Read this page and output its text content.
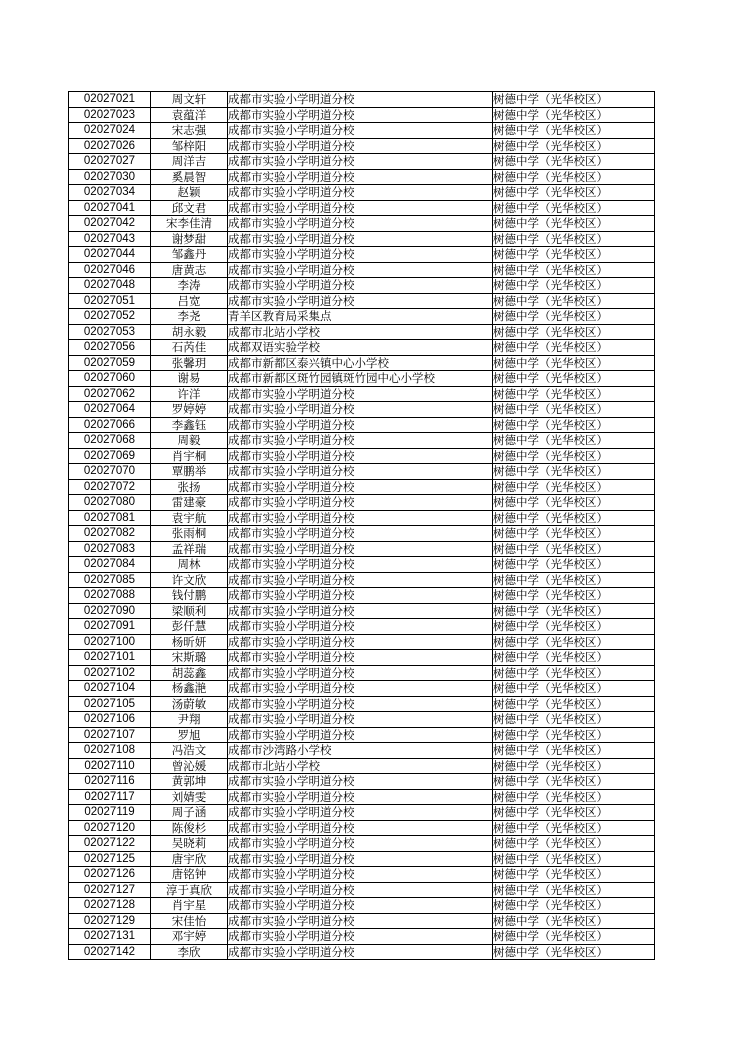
02027021	周文轩	成都市实验小学明道分校	树德中学（光华校区）
02027023	袁蕴洋	成都市实验小学明道分校	树德中学（光华校区）
02027024	宋志强	成都市实验小学明道分校	树德中学（光华校区）
02027026	邹梓阳	成都市实验小学明道分校	树德中学（光华校区）
02027027	周洋吉	成都市实验小学明道分校	树德中学（光华校区）
02027030	奚晨智	成都市实验小学明道分校	树德中学（光华校区）
02027034	赵颖	成都市实验小学明道分校	树德中学（光华校区）
02027041	邱文君	成都市实验小学明道分校	树德中学（光华校区）
02027042	宋李佳清	成都市实验小学明道分校	树德中学（光华校区）
02027043	谢梦甜	成都市实验小学明道分校	树德中学（光华校区）
02027044	邹鑫丹	成都市实验小学明道分校	树德中学（光华校区）
02027046	唐黄志	成都市实验小学明道分校	树德中学（光华校区）
02027048	李涛	成都市实验小学明道分校	树德中学（光华校区）
02027051	吕宽	成都市实验小学明道分校	树德中学（光华校区）
02027052	李尧	青羊区教育局采集点	树德中学（光华校区）
02027053	胡永毅	成都市北站小学校	树德中学（光华校区）
02027056	石芮佳	成都双语实验学校	树德中学（光华校区）
02027059	张馨玥	成都市新都区泰兴镇中心小学校	树德中学（光华校区）
02027060	谢易	成都市新都区斑竹园镇斑竹园中心小学校	树德中学（光华校区）
02027062	许洋	成都市实验小学明道分校	树德中学（光华校区）
02027064	罗婷婷	成都市实验小学明道分校	树德中学（光华校区）
02027066	李鑫钰	成都市实验小学明道分校	树德中学（光华校区）
02027068	周毅	成都市实验小学明道分校	树德中学（光华校区）
02027069	肖宇桐	成都市实验小学明道分校	树德中学（光华校区）
02027070	覃鹏举	成都市实验小学明道分校	树德中学（光华校区）
02027072	张扬	成都市实验小学明道分校	树德中学（光华校区）
02027080	雷建豪	成都市实验小学明道分校	树德中学（光华校区）
02027081	袁宇航	成都市实验小学明道分校	树德中学（光华校区）
02027082	张雨桐	成都市实验小学明道分校	树德中学（光华校区）
02027083	孟祥瑞	成都市实验小学明道分校	树德中学（光华校区）
02027084	周林	成都市实验小学明道分校	树德中学（光华校区）
02027085	许文欣	成都市实验小学明道分校	树德中学（光华校区）
02027088	钱付鹏	成都市实验小学明道分校	树德中学（光华校区）
02027090	梁顺利	成都市实验小学明道分校	树德中学（光华校区）
02027091	彭仟慧	成都市实验小学明道分校	树德中学（光华校区）
02027100	杨昕妍	成都市实验小学明道分校	树德中学（光华校区）
02027101	宋斯璐	成都市实验小学明道分校	树德中学（光华校区）
02027102	胡蕊鑫	成都市实验小学明道分校	树德中学（光华校区）
02027104	杨鑫滟	成都市实验小学明道分校	树德中学（光华校区）
02027105	汤蔚敏	成都市实验小学明道分校	树德中学（光华校区）
02027106	尹翔	成都市实验小学明道分校	树德中学（光华校区）
02027107	罗旭	成都市实验小学明道分校	树德中学（光华校区）
02027108	冯浩文	成都市沙湾路小学校	树德中学（光华校区）
02027110	曾沁媛	成都市北站小学校	树德中学（光华校区）
02027116	黄郭坤	成都市实验小学明道分校	树德中学（光华校区）
02027117	刘婧雯	成都市实验小学明道分校	树德中学（光华校区）
02027119	周子涵	成都市实验小学明道分校	树德中学（光华校区）
02027120	陈俊杉	成都市实验小学明道分校	树德中学（光华校区）
02027122	吴晓莉	成都市实验小学明道分校	树德中学（光华校区）
02027125	唐宇欣	成都市实验小学明道分校	树德中学（光华校区）
02027126	唐铭钟	成都市实验小学明道分校	树德中学（光华校区）
02027127	淳于真欣	成都市实验小学明道分校	树德中学（光华校区）
02027128	肖宇星	成都市实验小学明道分校	树德中学（光华校区）
02027129	宋佳怡	成都市实验小学明道分校	树德中学（光华校区）
02027131	邓宇婷	成都市实验小学明道分校	树德中学（光华校区）
02027142	李欣	成都市实验小学明道分校	树德中学（光华校区）
